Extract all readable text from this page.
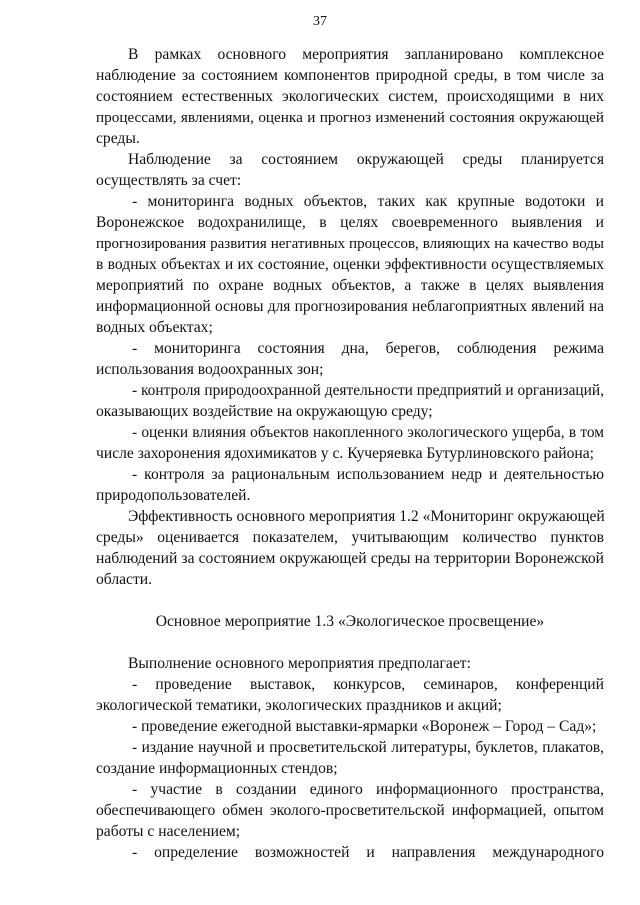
37
В рамках основного мероприятия запланировано комплексное
наблюдение за состоянием компонентов природной среды, в том числе за
состоянием естественных экологических систем, происходящими в них
процессами, явлениями, оценка и прогноз изменений состояния окружающей
среды.
Наблюдение за состоянием окружающей среды планируется
осуществлять за счет:
- мониторинга водных объектов, таких как крупные водотоки и
Воронежское водохранилище, в целях своевременного выявления и
прогнозирования развития негативных процессов, влияющих на качество воды
в водных объектах и их состояние, оценки эффективности осуществляемых
мероприятий по охране водных объектов, а также в целях выявления
информационной основы для прогнозирования неблагоприятных явлений на
водных объектах;
- мониторинга состояния дна, берегов, соблюдения режима
использования водоохранных зон;
- контроля природоохранной деятельности предприятий и организаций,
оказывающих воздействие на окружающую среду;
- оценки влияния объектов накопленного экологического ущерба, в том
числе захоронения ядохимикатов у с. Кучеряевка Бутурлиновского района;
- контроля за рациональным использованием недр и деятельностью
природопользователей.
Эффективность основного мероприятия 1.2 «Мониторинг окружающей
среды» оценивается показателем, учитывающим количество пунктов
наблюдений за состоянием окружающей среды на территории Воронежской
области.
Основное мероприятие 1.3 «Экологическое просвещение»
Выполнение основного мероприятия предполагает:
- проведение выставок, конкурсов, семинаров, конференций
экологической тематики, экологических праздников и акций;
- проведение ежегодной выставки-ярмарки «Воронеж – Город – Сад»;
- издание научной и просветительской литературы, буклетов, плакатов,
создание информационных стендов;
- участие в создании единого информационного пространства,
обеспечивающего обмен эколого-просветительской информацией, опытом
работы с населением;
- определение возможностей и направления международного
